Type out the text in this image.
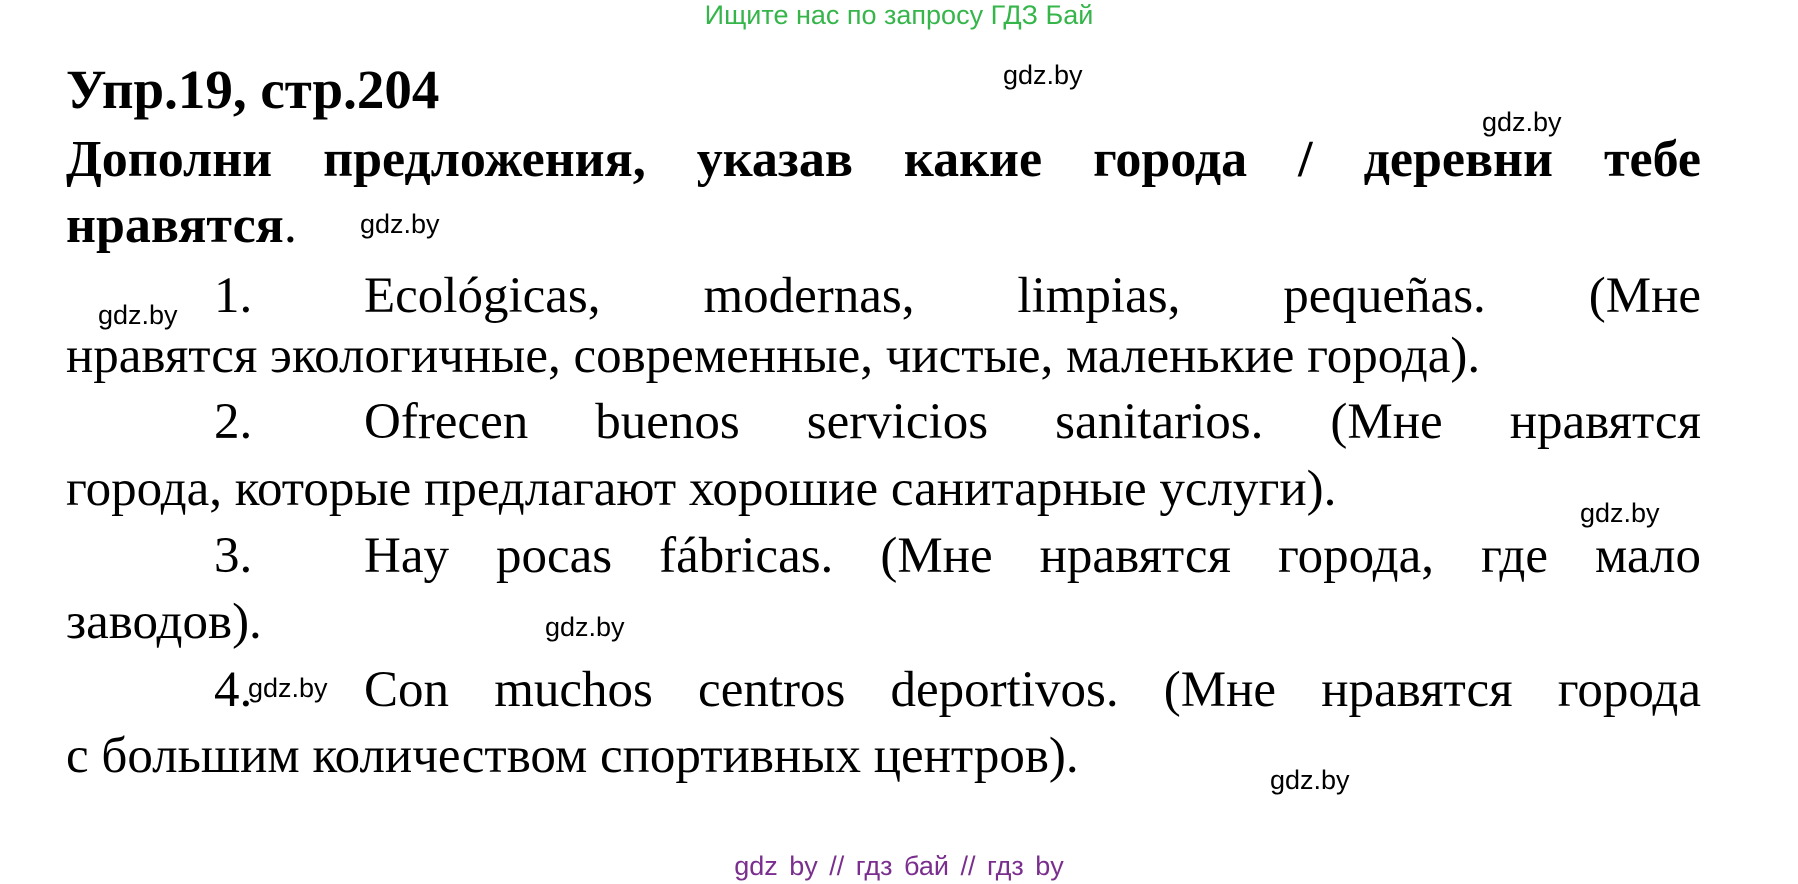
Ищите нас по запросу ГДЗ Бай
Упр.19, стр.204
Дополни предложения, указав какие города / деревни тебе
нравятся.
1. Ecológicas, modernas, limpias, pequeñas. (Мне
нравятся экологичные, современные, чистые, маленькие города).
2. Ofrecen buenos servicios sanitarios. (Мне нравятся
города, которые предлагают хорошие санитарные услуги).
3. Hay pocas fábricas. (Мне нравятся города, где мало
заводов).
4. Con muchos centros deportivos. (Мне нравятся города
с большим количеством спортивных центров).
gdz.by
gdz.by
gdz.by
gdz.by
gdz.by
gdz.by
gdz.by
gdz.by
gdz by // гдз бай // гдз by
